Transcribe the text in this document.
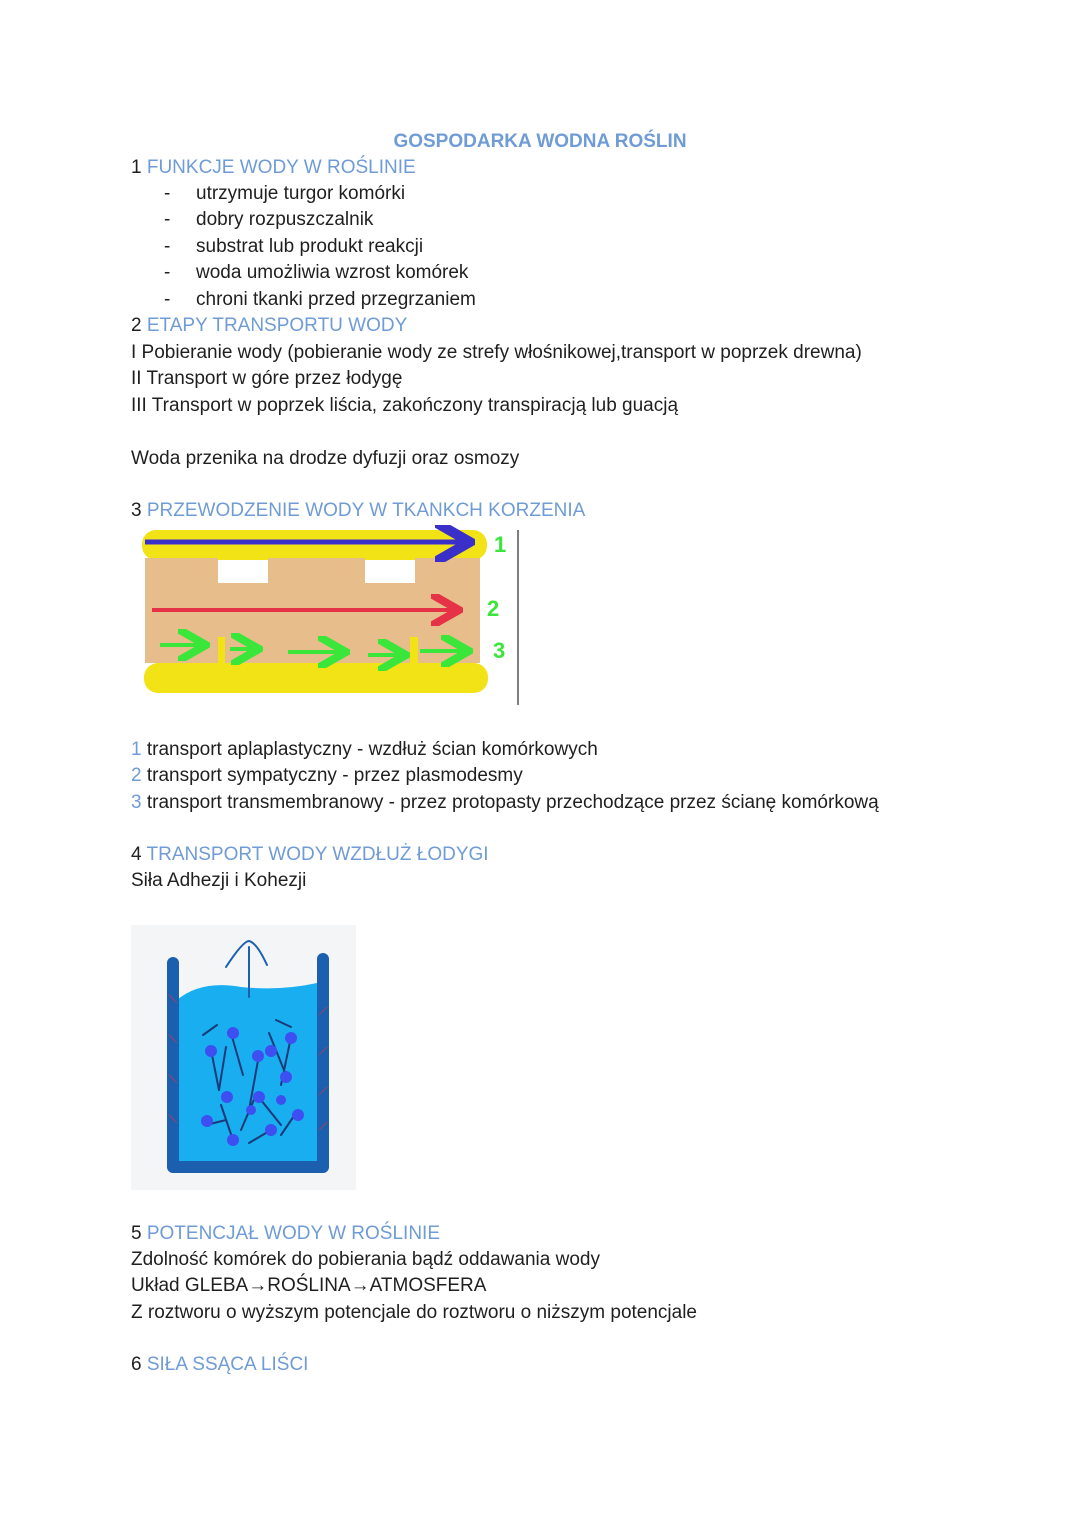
GOSPODARKA WODNA ROŚLIN
1 FUNKCJE WODY W ROŚLINIE
- utrzymuje turgor komórki
- dobry rozpuszczalnik
- substrat lub produkt reakcji
- woda umożliwia wzrost komórek
- chroni tkanki przed przegrzaniem
2 ETAPY TRANSPORTU WODY
I Pobieranie wody (pobieranie wody ze strefy włośnikowej,transport w poprzek drewna)
II Transport w góre przez łodygę
III Transport w poprzek liścia, zakończony transpiracją lub guacją
Woda przenika na drodze dyfuzji oraz osmozy
3 PRZEWODZENIE WODY W TKANKCH KORZENIA
1
2
3
1 transport aplaplastyczny - wzdłuż ścian komórkowych
2 transport sympatyczny - przez plasmodesmy
3 transport transmembranowy - przez protopasty przechodzące przez ścianę komórkową
4 TRANSPORT WODY WZDŁUŻ ŁODYGI
Siła Adhezji i Kohezji
5 POTENCJAŁ WODY W ROŚLINIE
Zdolność komórek do pobierania bądź oddawania wody
Układ GLEBA→ROŚLINA→ATMOSFERA
Z roztworu o wyższym potencjale do roztworu o niższym potencjale
6 SIŁA SSĄCA LIŚCI
